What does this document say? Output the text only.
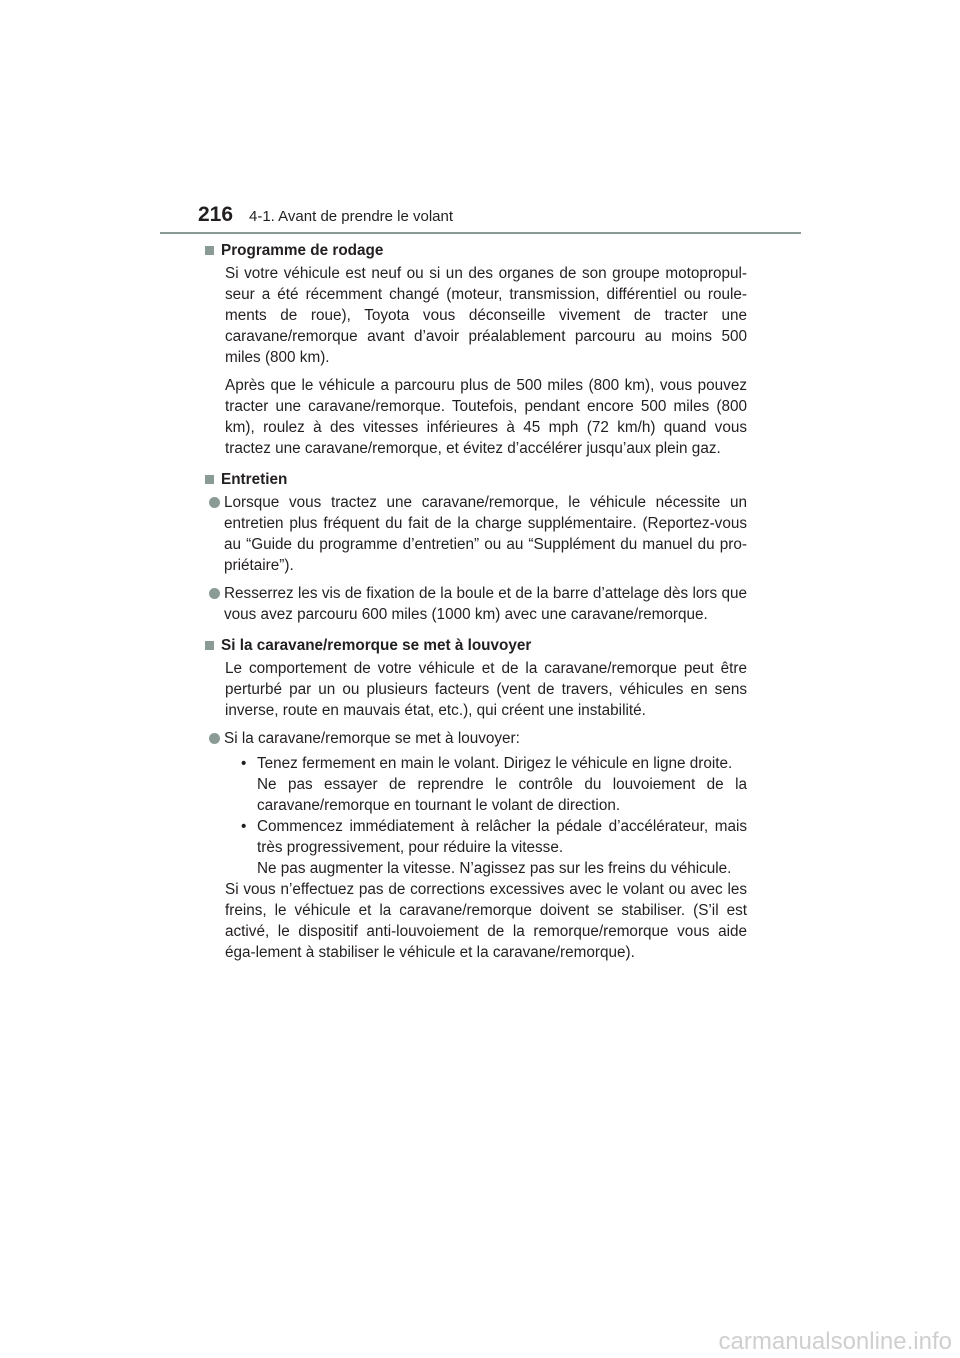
216 4-1. Avant de prendre le volant
Programme de rodage

Si votre véhicule est neuf ou si un des organes de son groupe motopropul-seur a été récemment changé (moteur, transmission, différentiel ou roule-ments de roue), Toyota vous déconseille vivement de tracter une caravane/remorque avant d’avoir préalablement parcouru au moins 500 miles (800 km).

Après que le véhicule a parcouru plus de 500 miles (800 km), vous pouvez tracter une caravane/remorque. Toutefois, pendant encore 500 miles (800 km), roulez à des vitesses inférieures à 45 mph (72 km/h) quand vous tractez une caravane/remorque, et évitez d’accélérer jusqu’aux plein gaz.

Entretien
Lorsque vous tractez une caravane/remorque, le véhicule nécessite un entretien plus fréquent du fait de la charge supplémentaire. (Reportez-vous au “Guide du programme d’entretien” ou au “Supplément du manuel du pro-priétaire”).
Resserrez les vis de fixation de la boule et de la barre d’attelage dès lors que vous avez parcouru 600 miles (1000 km) avec une caravane/remorque.
Si la caravane/remorque se met à louvoyer

Le comportement de votre véhicule et de la caravane/remorque peut être perturbé par un ou plusieurs facteurs (vent de travers, véhicules en sens inverse, route en mauvais état, etc.), qui créent une instabilité.

Si la caravane/remorque se met à louvoyer:
• Tenez fermement en main le volant. Dirigez le véhicule en ligne droite.

Ne pas essayer de reprendre le contrôle du louvoiement de la caravane/remorque en tournant le volant de direction.

• Commencez immédiatement à relâcher la pédale d’accélérateur, mais très progressivement, pour réduire la vitesse.

Ne pas augmenter la vitesse. N’agissez pas sur les freins du véhicule.

Si vous n’effectuez pas de corrections excessives avec le volant ou avec les freins, le véhicule et la caravane/remorque doivent se stabiliser. (S’il est activé, le dispositif anti-louvoiement de la remorque/remorque vous aide éga-lement à stabiliser le véhicule et la caravane/remorque).

carmanualsonline.info
